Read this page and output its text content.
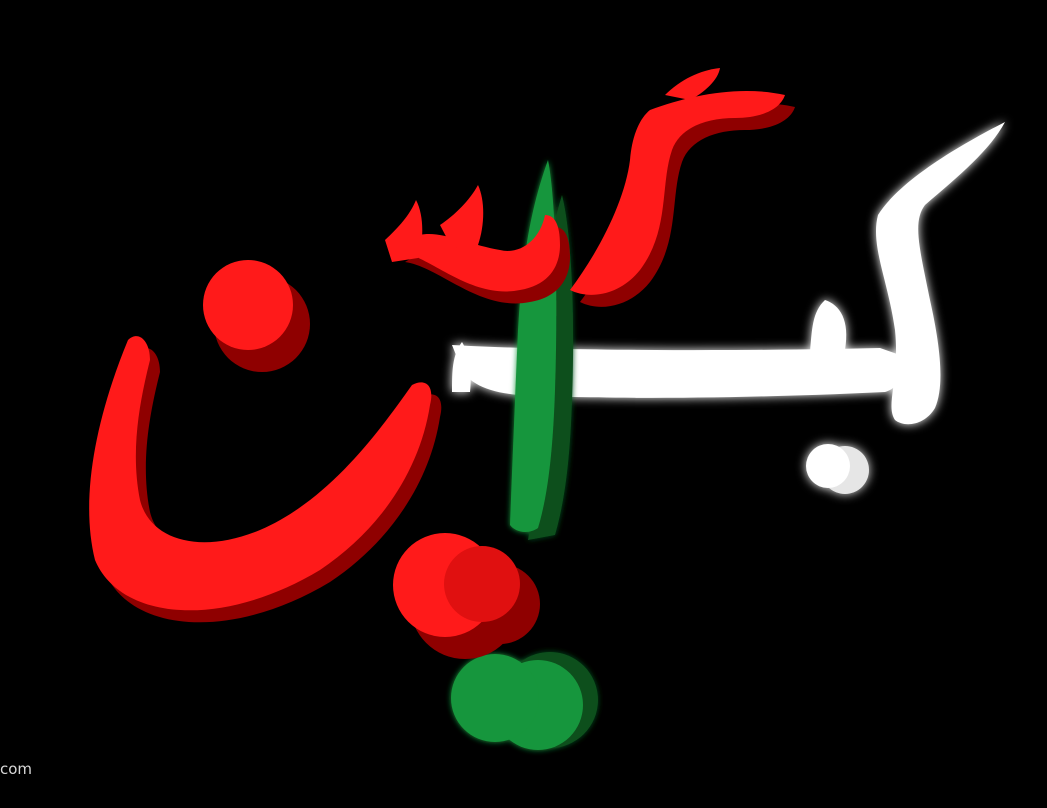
com
